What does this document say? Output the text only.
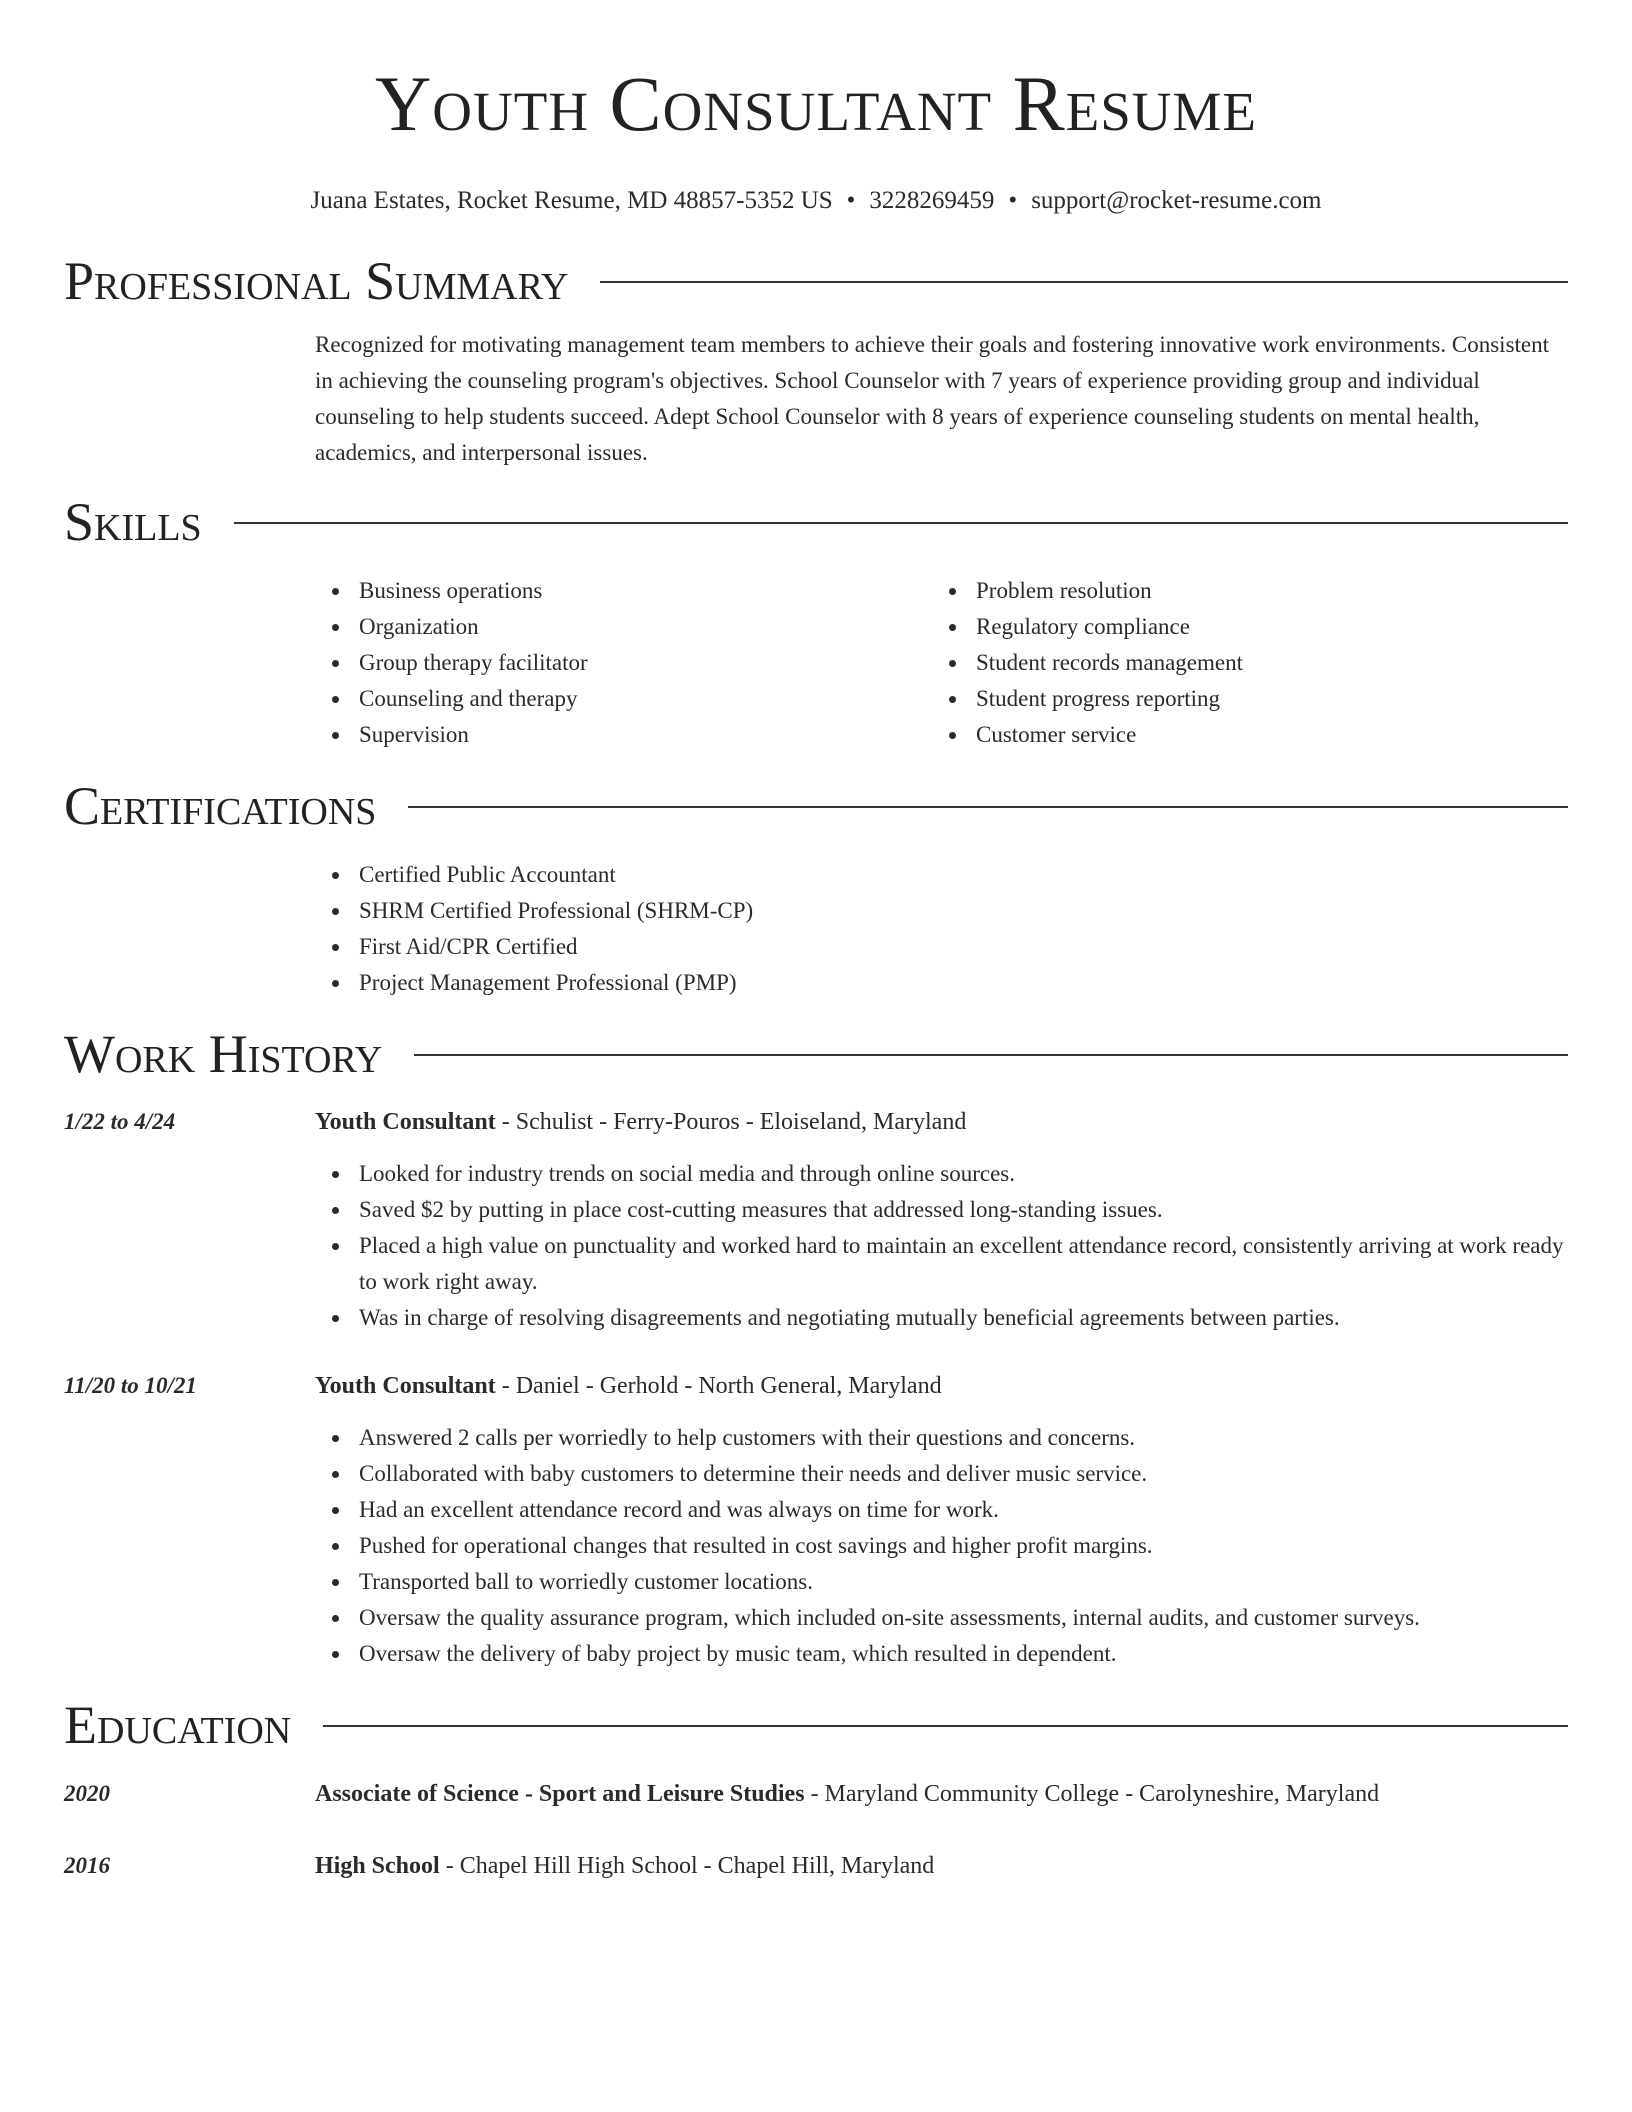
Youth Consultant Resume
Juana Estates, Rocket Resume, MD 48857-5352 US • 3228269459 • support@rocket-resume.com
Professional Summary

Recognized for motivating management team members to achieve their goals and fostering innovative work environments. Consistent in achieving the counseling program's objectives. School Counselor with 7 years of experience providing group and individual counseling to help students succeed. Adept School Counselor with 8 years of experience counseling students on mental health, academics, and interpersonal issues.

Skills
Business operations
Organization
Group therapy facilitator
Counseling and therapy
Supervision
Problem resolution
Regulatory compliance
Student records management
Student progress reporting
Customer service
Certifications
Certified Public Accountant
SHRM Certified Professional (SHRM-CP)
First Aid/CPR Certified
Project Management Professional (PMP)
Work History
1/22 to 4/24	Youth Consultant - Schulist - Ferry-Pouros - Eloiseland, Maryland
Looked for industry trends on social media and through online sources.
Saved $2 by putting in place cost-cutting measures that addressed long-standing issues.
Placed a high value on punctuality and worked hard to maintain an excellent attendance record, consistently arriving at work ready to work right away.
Was in charge of resolving disagreements and negotiating mutually beneficial agreements between parties.
11/20 to 10/21	Youth Consultant - Daniel - Gerhold - North General, Maryland
Answered 2 calls per worriedly to help customers with their questions and concerns.
Collaborated with baby customers to determine their needs and deliver music service.
Had an excellent attendance record and was always on time for work.
Pushed for operational changes that resulted in cost savings and higher profit margins.
Transported ball to worriedly customer locations.
Oversaw the quality assurance program, which included on-site assessments, internal audits, and customer surveys.
Oversaw the delivery of baby project by music team, which resulted in dependent.
Education
2020	Associate of Science - Sport and Leisure Studies - Maryland Community College - Carolyneshire, Maryland
2016	High School - Chapel Hill High School - Chapel Hill, Maryland
